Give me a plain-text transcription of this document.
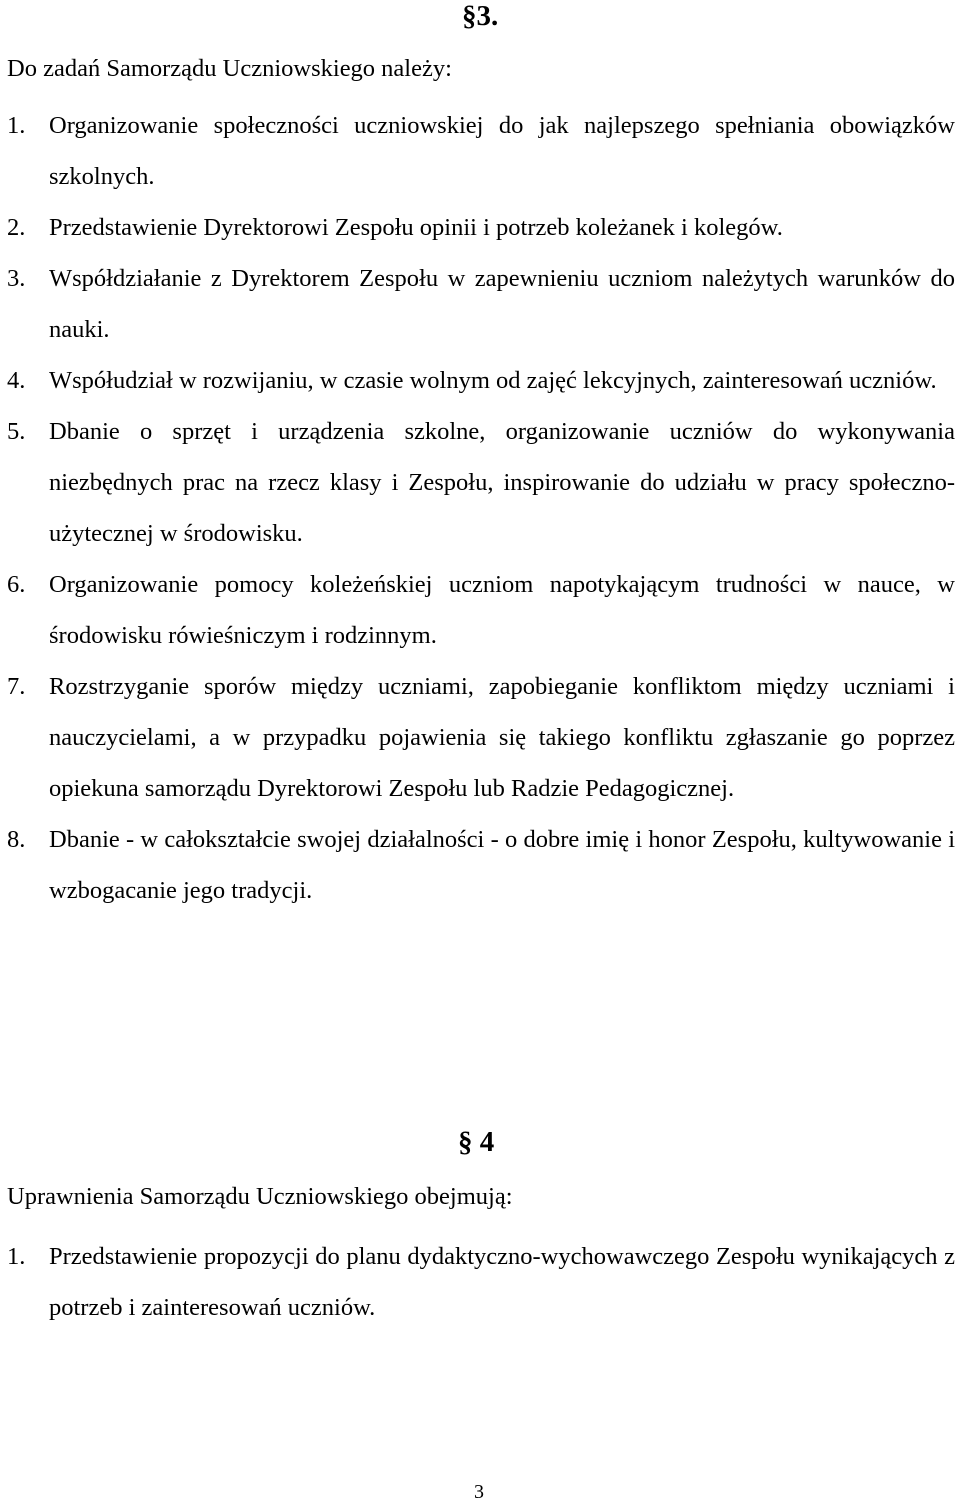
§3.
Do zadań Samorządu Uczniowskiego należy:
1. Organizowanie społeczności uczniowskiej do jak najlepszego spełniania obowiązków szkolnych.
2. Przedstawienie Dyrektorowi Zespołu opinii i potrzeb koleżanek i kolegów.
3. Współdziałanie z Dyrektorem Zespołu w zapewnieniu uczniom należytych warunków do nauki.
4. Współudział w rozwijaniu, w czasie wolnym od zajęć lekcyjnych, zainteresowań uczniów.
5. Dbanie o sprzęt i urządzenia szkolne, organizowanie uczniów do wykonywania niezbędnych prac na rzecz klasy i Zespołu, inspirowanie do udziału w pracy społeczno-użytecznej w środowisku.
6. Organizowanie pomocy koleżeńskiej uczniom napotykającym trudności w nauce, w środowisku rówieśniczym i rodzinnym.
7. Rozstrzyganie sporów między uczniami, zapobieganie konfliktom między uczniami i nauczycielami, a w przypadku pojawienia się takiego konfliktu zgłaszanie go poprzez opiekuna samorządu Dyrektorowi Zespołu lub Radzie Pedagogicznej.
8. Dbanie - w całokształcie swojej działalności - o dobre imię i honor Zespołu, kultywowanie i wzbogacanie jego tradycji.
§ 4
Uprawnienia Samorządu Uczniowskiego obejmują:
1. Przedstawienie propozycji do planu dydaktyczno-wychowawczego Zespołu wynikających z potrzeb i zainteresowań uczniów.
3
